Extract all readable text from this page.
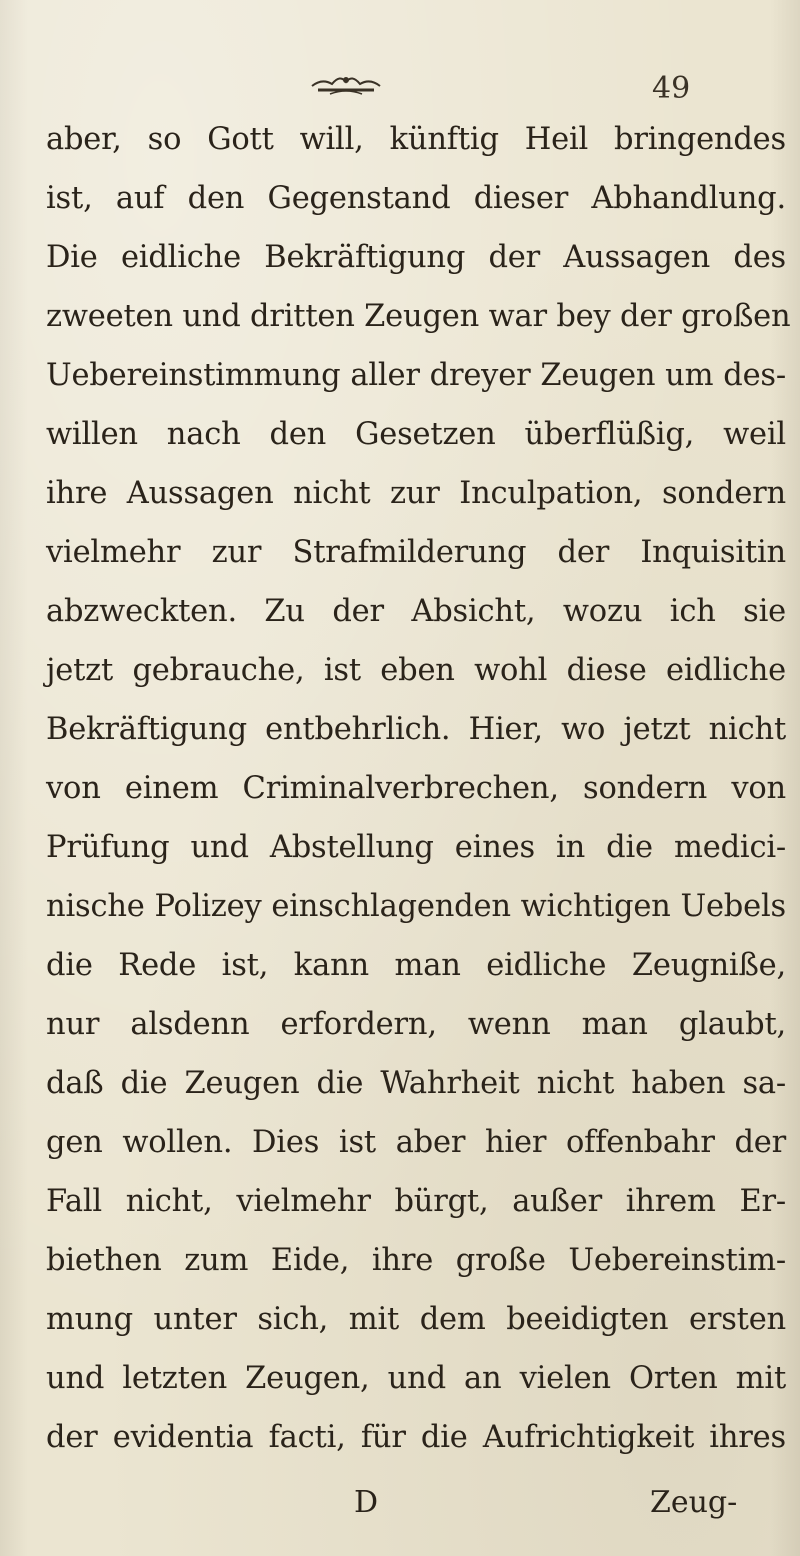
49
aber, so Gott will, künftig Heil bringendes
ist, auf den Gegenstand dieser Abhandlung.
Die eidliche Bekräftigung der Aussagen des
zweeten und dritten Zeugen war bey der großen
Uebereinstimmung aller dreyer Zeugen um des-
willen nach den Gesetzen überflüßig, weil
ihre Aussagen nicht zur Inculpation, sondern
vielmehr zur Strafmilderung der Inquisitin
abzweckten. Zu der Absicht, wozu ich sie
jetzt gebrauche, ist eben wohl diese eidliche
Bekräftigung entbehrlich. Hier, wo jetzt nicht
von einem Criminalverbrechen, sondern von
Prüfung und Abstellung eines in die medici-
nische Polizey einschlagenden wichtigen Uebels
die Rede ist, kann man eidliche Zeugniße,
nur alsdenn erfordern, wenn man glaubt,
daß die Zeugen die Wahrheit nicht haben sa-
gen wollen. Dies ist aber hier offenbahr der
Fall nicht, vielmehr bürgt, außer ihrem Er-
biethen zum Eide, ihre große Uebereinstim-
mung unter sich, mit dem beeidigten ersten
und letzten Zeugen, und an vielen Orten mit
der evidentia facti, für die Aufrichtigkeit ihres
D	Zeug-
